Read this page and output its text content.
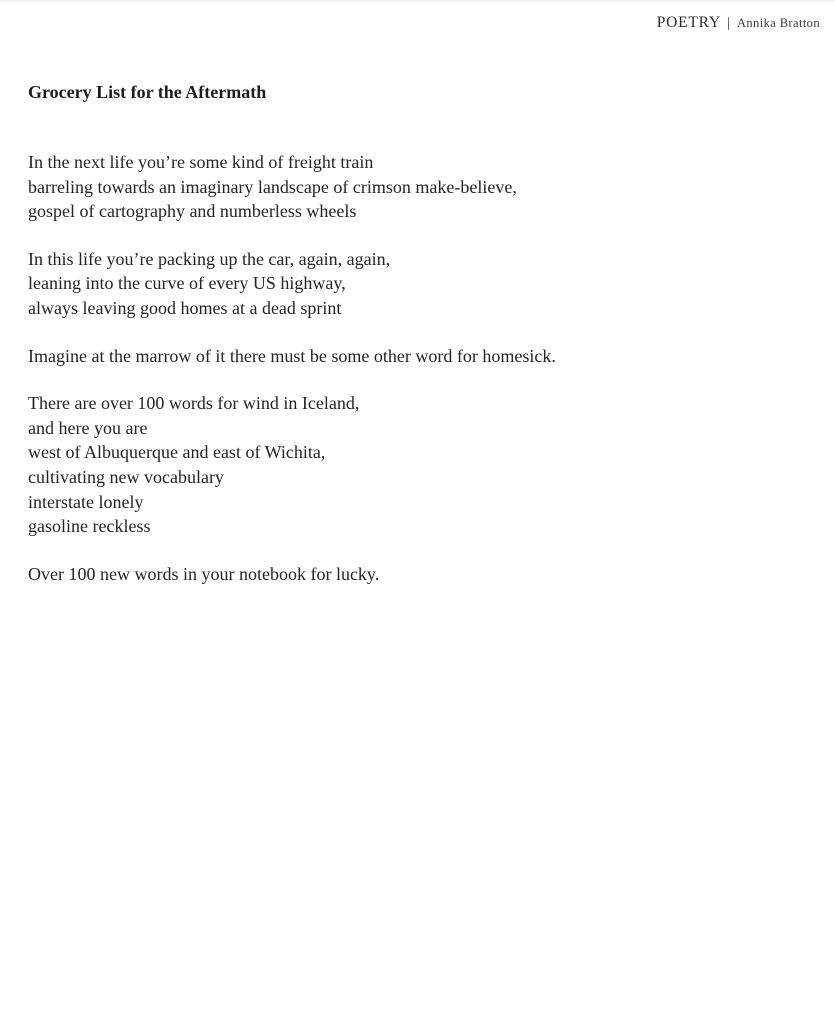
POETRY | Annika Bratton
Grocery List for the Aftermath
In the next life you’re some kind of freight train
barreling towards an imaginary landscape of crimson make-believe,
gospel of cartography and numberless wheels
In this life you’re packing up the car, again, again,
leaning into the curve of every US highway,
always leaving good homes at a dead sprint
Imagine at the marrow of it there must be some other word for homesick.
There are over 100 words for wind in Iceland,
and here you are
west of Albuquerque and east of Wichita,
cultivating new vocabulary
interstate lonely
gasoline reckless
Over 100 new words in your notebook for lucky.
